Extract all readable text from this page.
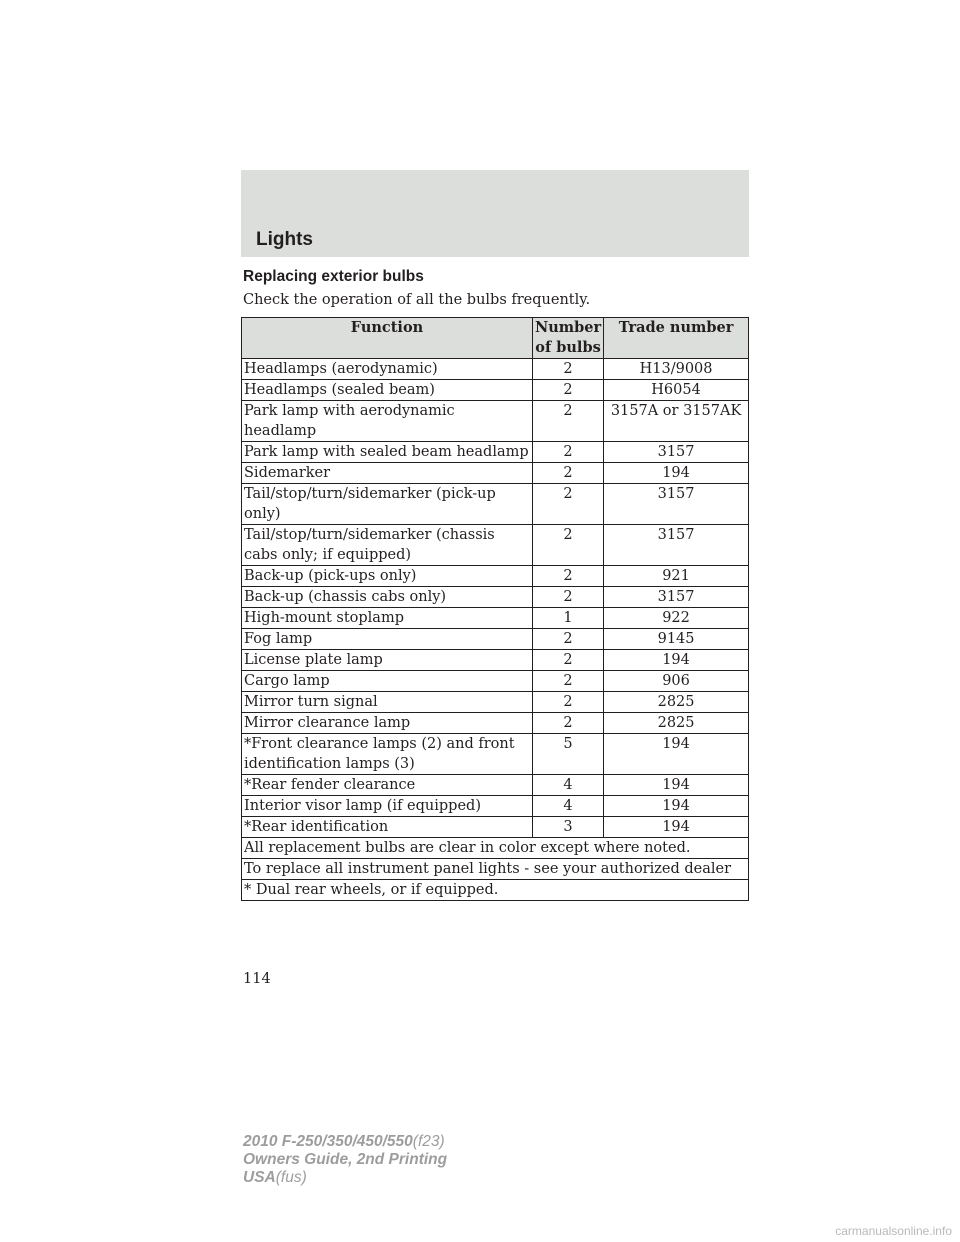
Lights
Replacing exterior bulbs
Check the operation of all the bulbs frequently.
Function	Number of bulbs	Trade number
Headlamps (aerodynamic)	2	H13/9008
Headlamps (sealed beam)	2	H6054
Park lamp with aerodynamic headlamp	2	3157A or 3157AK
Park lamp with sealed beam headlamp	2	3157
Sidemarker	2	194
Tail/stop/turn/sidemarker (pick-up only)	2	3157
Tail/stop/turn/sidemarker (chassis cabs only; if equipped)	2	3157
Back-up (pick-ups only)	2	921
Back-up (chassis cabs only)	2	3157
High-mount stoplamp	1	922
Fog lamp	2	9145
License plate lamp	2	194
Cargo lamp	2	906
Mirror turn signal	2	2825
Mirror clearance lamp	2	2825
*Front clearance lamps (2) and front identification lamps (3)	5	194
*Rear fender clearance	4	194
Interior visor lamp (if equipped)	4	194
*Rear identification	3	194
All replacement bulbs are clear in color except where noted.		
To replace all instrument panel lights - see your authorized dealer		
* Dual rear wheels, or if equipped.		
114
2010 F-250/350/450/550(f23)
Owners Guide, 2nd Printing
USA(fus)
carmanualsonline.info
